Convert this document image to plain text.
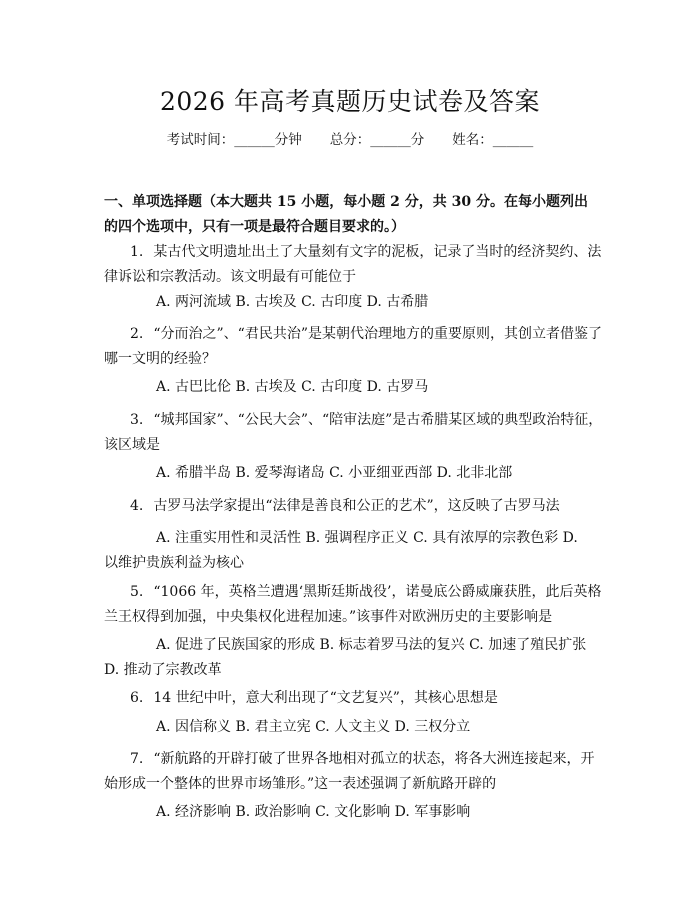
2026 年高考真题历史试卷及答案
考试时间：______分钟 总分：______分 姓名：______
一、单项选择题（本大题共 15 小题，每小题 2 分，共 30 分。在每小题列出的四个选项中，只有一项是最符合题目要求的。）
1. 某古代文明遗址出土了大量刻有文字的泥板，记录了当时的经济契约、法律诉讼和宗教活动。该文明最有可能位于
A. 两河流域 B. 古埃及 C. 古印度 D. 古希腊
2. “分而治之”、“君民共治”是某朝代治理地方的重要原则，其创立者借鉴了哪一文明的经验？
A. 古巴比伦 B. 古埃及 C. 古印度 D. 古罗马
3. “城邦国家”、“公民大会”、“陪审法庭”是古希腊某区域的典型政治特征，该区域是
A. 希腊半岛 B. 爱琴海诸岛 C. 小亚细亚西部 D. 北非北部
4. 古罗马法学家提出“法律是善良和公正的艺术”，这反映了古罗马法
A. 注重实用性和灵活性 B. 强调程序正义 C. 具有浓厚的宗教色彩 D.
以维护贵族利益为核心
5. “1066 年，英格兰遭遇‘黑斯廷斯战役’，诺曼底公爵威廉获胜，此后英格兰王权得到加强，中央集权化进程加速。”该事件对欧洲历史的主要影响是
A. 促进了民族国家的形成 B. 标志着罗马法的复兴 C. 加速了殖民扩张
D. 推动了宗教改革
6. 14 世纪中叶，意大利出现了“文艺复兴”，其核心思想是
A. 因信称义 B. 君主立宪 C. 人文主义 D. 三权分立
7. “新航路的开辟打破了世界各地相对孤立的状态，将各大洲连接起来，开始形成一个整体的世界市场雏形。”这一表述强调了新航路开辟的
A. 经济影响 B. 政治影响 C. 文化影响 D. 军事影响
